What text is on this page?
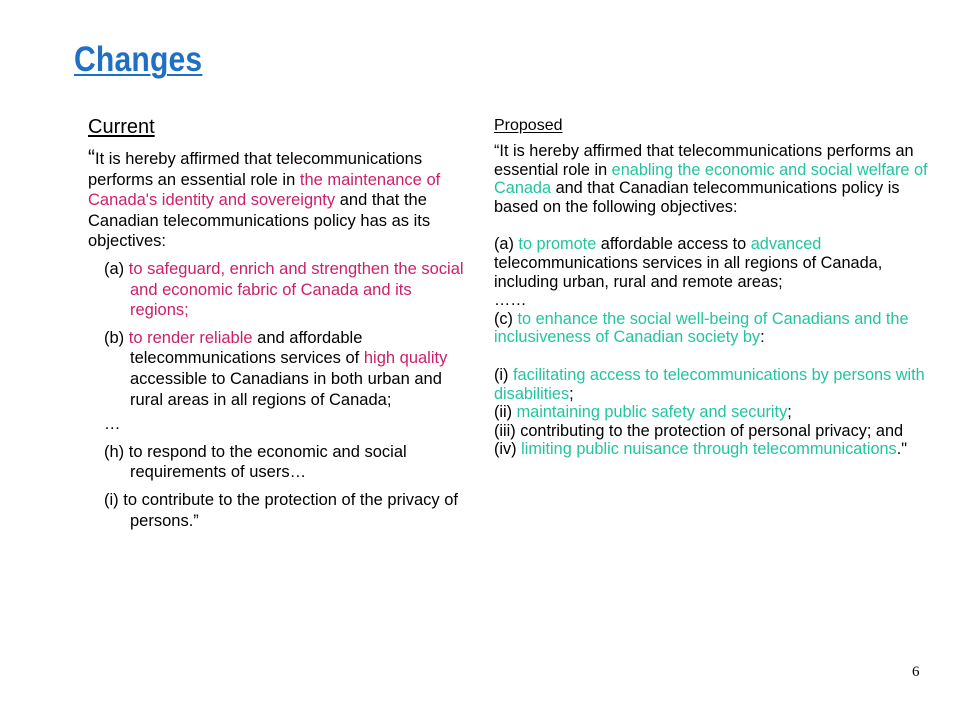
Changes
Current
“It is hereby affirmed that telecommunications performs an essential role in the maintenance of Canada's identity and sovereignty and that the Canadian telecommunications policy has as its objectives:
(a) to safeguard, enrich and strengthen the social and economic fabric of Canada and its regions;
(b) to render reliable and affordable telecommunications services of high quality accessible to Canadians in both urban and rural areas in all regions of Canada;
…
(h) to respond to the economic and social requirements of users…
(i) to contribute to the protection of the privacy of persons.”
Proposed
“It is hereby affirmed that telecommunications performs an essential role in enabling the economic and social welfare of Canada and that Canadian telecommunications policy is based on the following objectives:
(a) to promote affordable access to advanced telecommunications services in all regions of Canada, including urban, rural and remote areas;
……
(c) to enhance the social well-being of Canadians and the inclusiveness of Canadian society by:
(i) facilitating access to telecommunications by persons with disabilities;
(ii) maintaining public safety and security;
(iii) contributing to the protection of personal privacy; and
(iv) limiting public nuisance through telecommunications."
6
